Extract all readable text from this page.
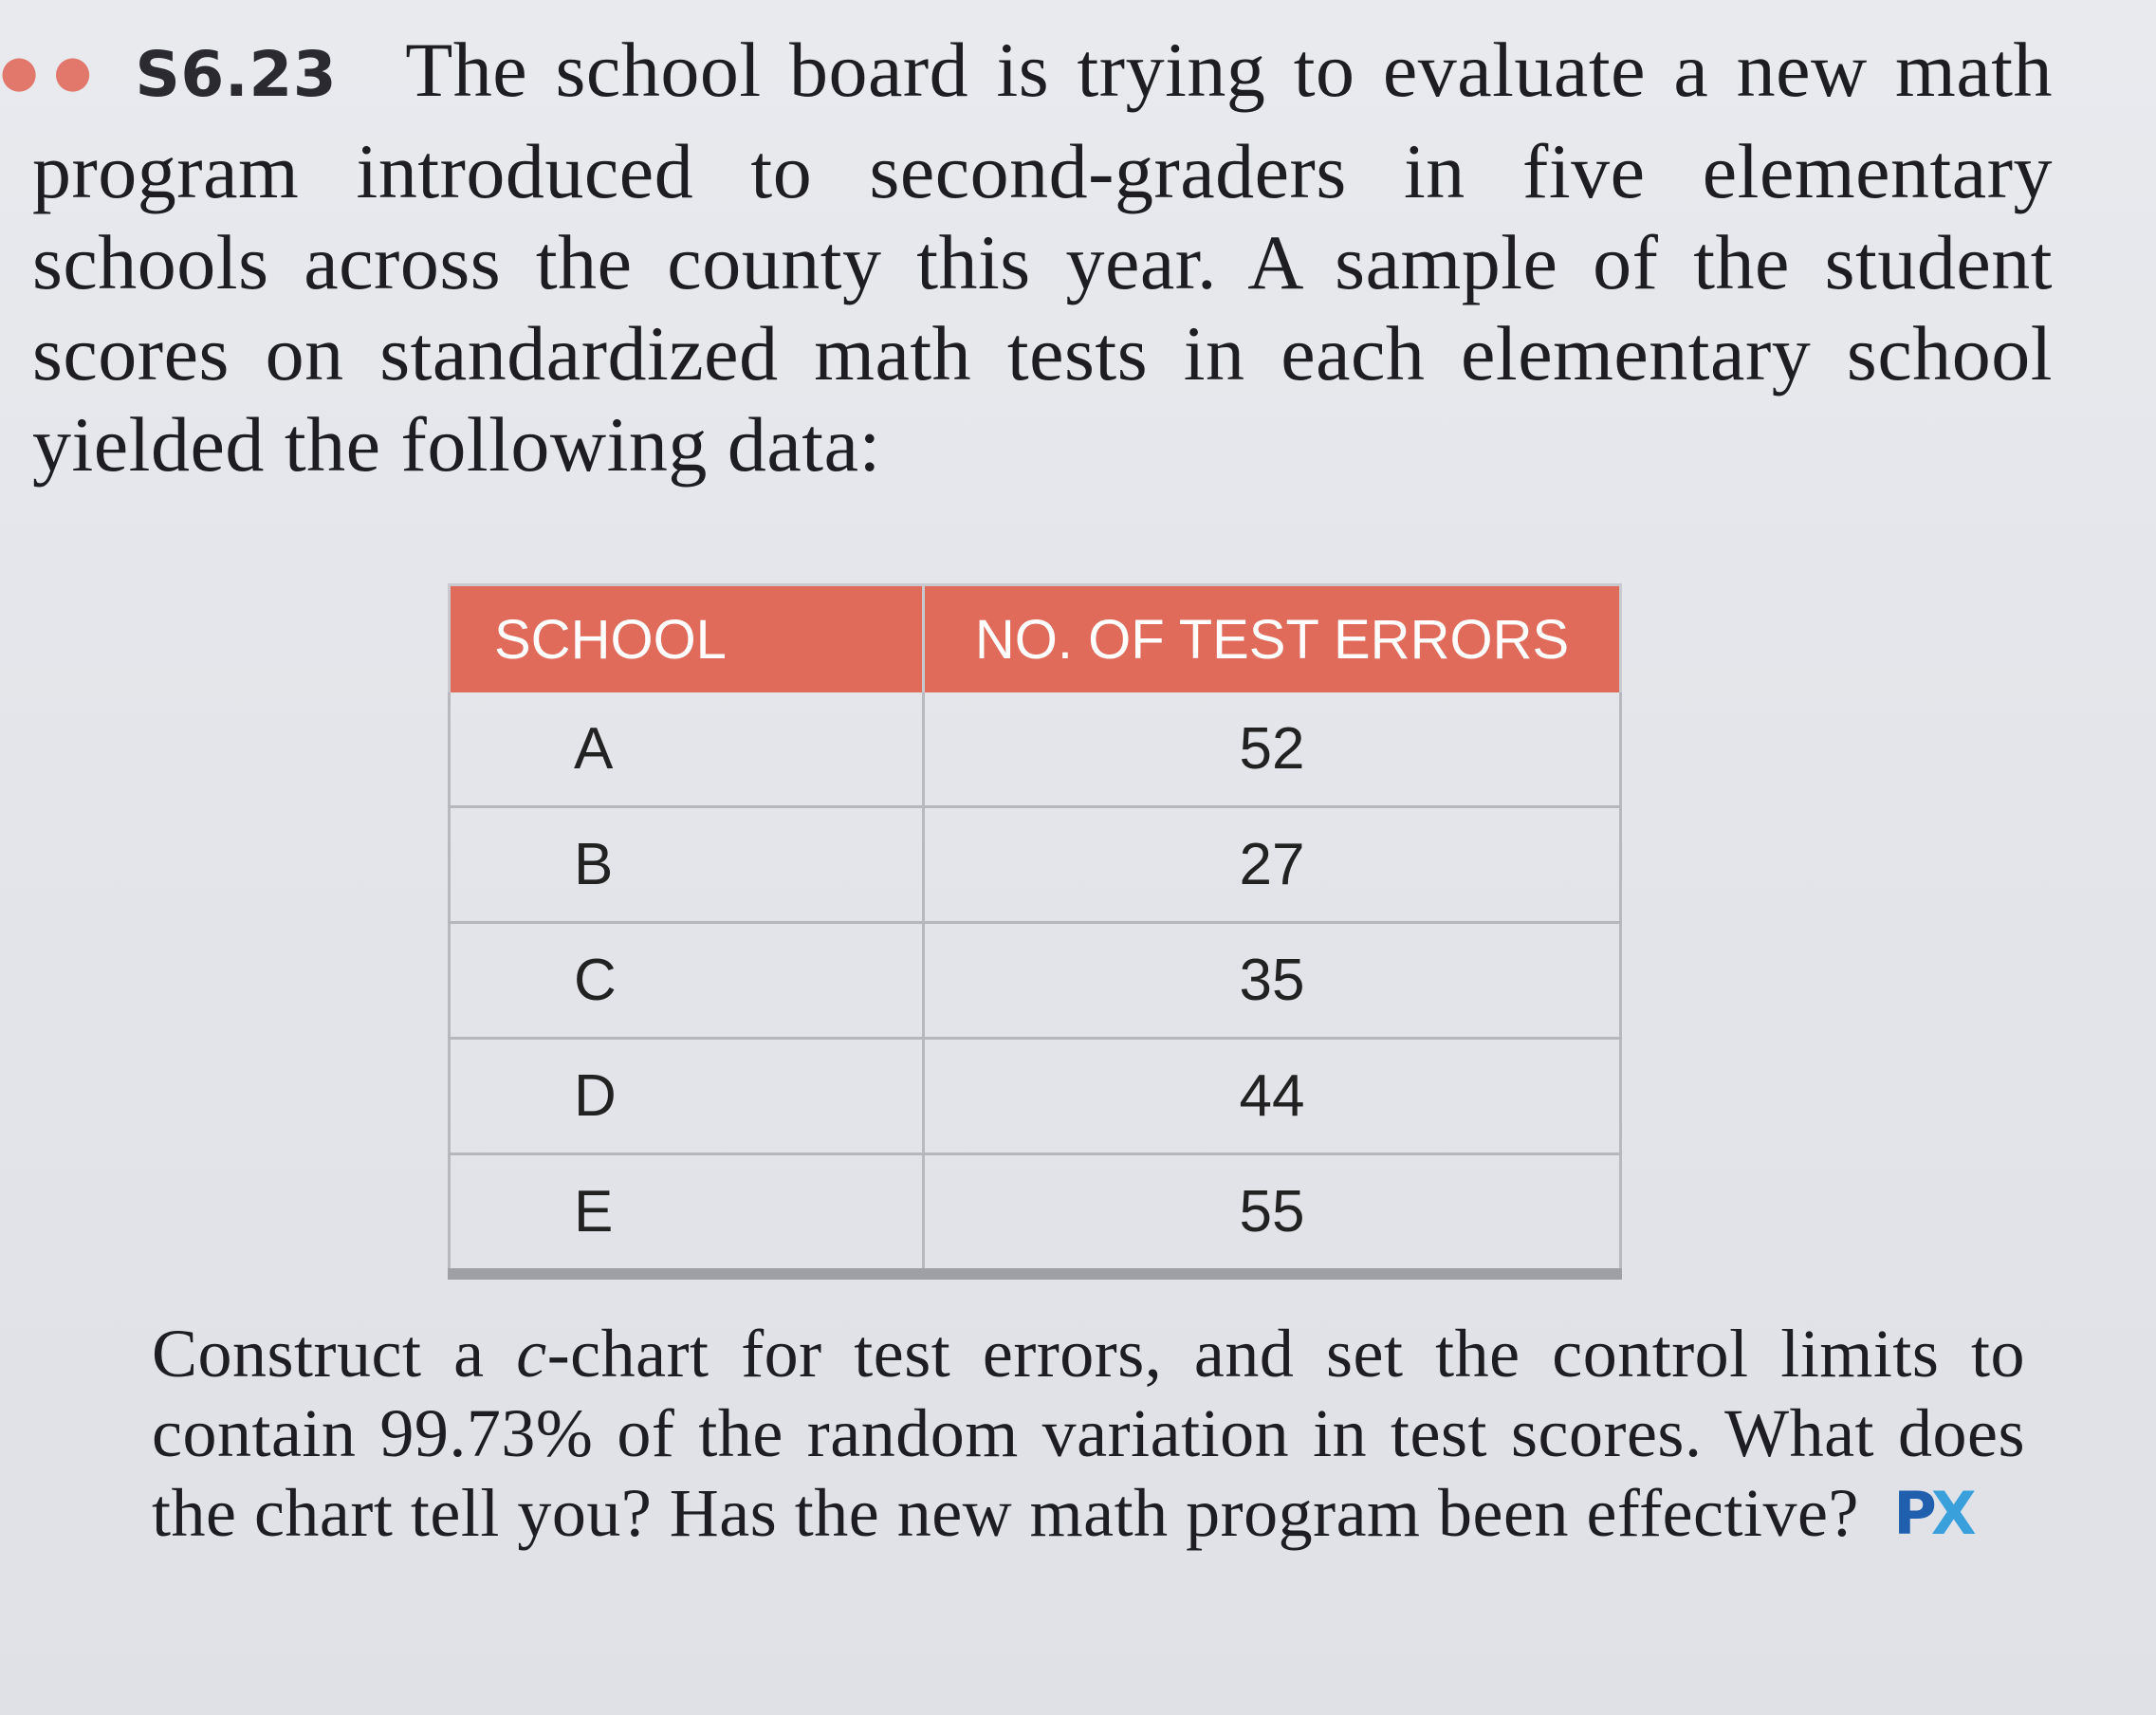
●● S6.23 The school board is trying to evaluate a new math program introduced to second-graders in five elementary schools across the county this year. A sample of the student scores on standardized math tests in each elementary school yielded the following data:
SCHOOL	NO. OF TEST ERRORS
A	52
B	27
C	35
D	44
E	55
Construct a c-chart for test errors, and set the control limits to contain 99.73% of the random variation in test scores. What does the chart tell you? Has the new math program been effective? PX
